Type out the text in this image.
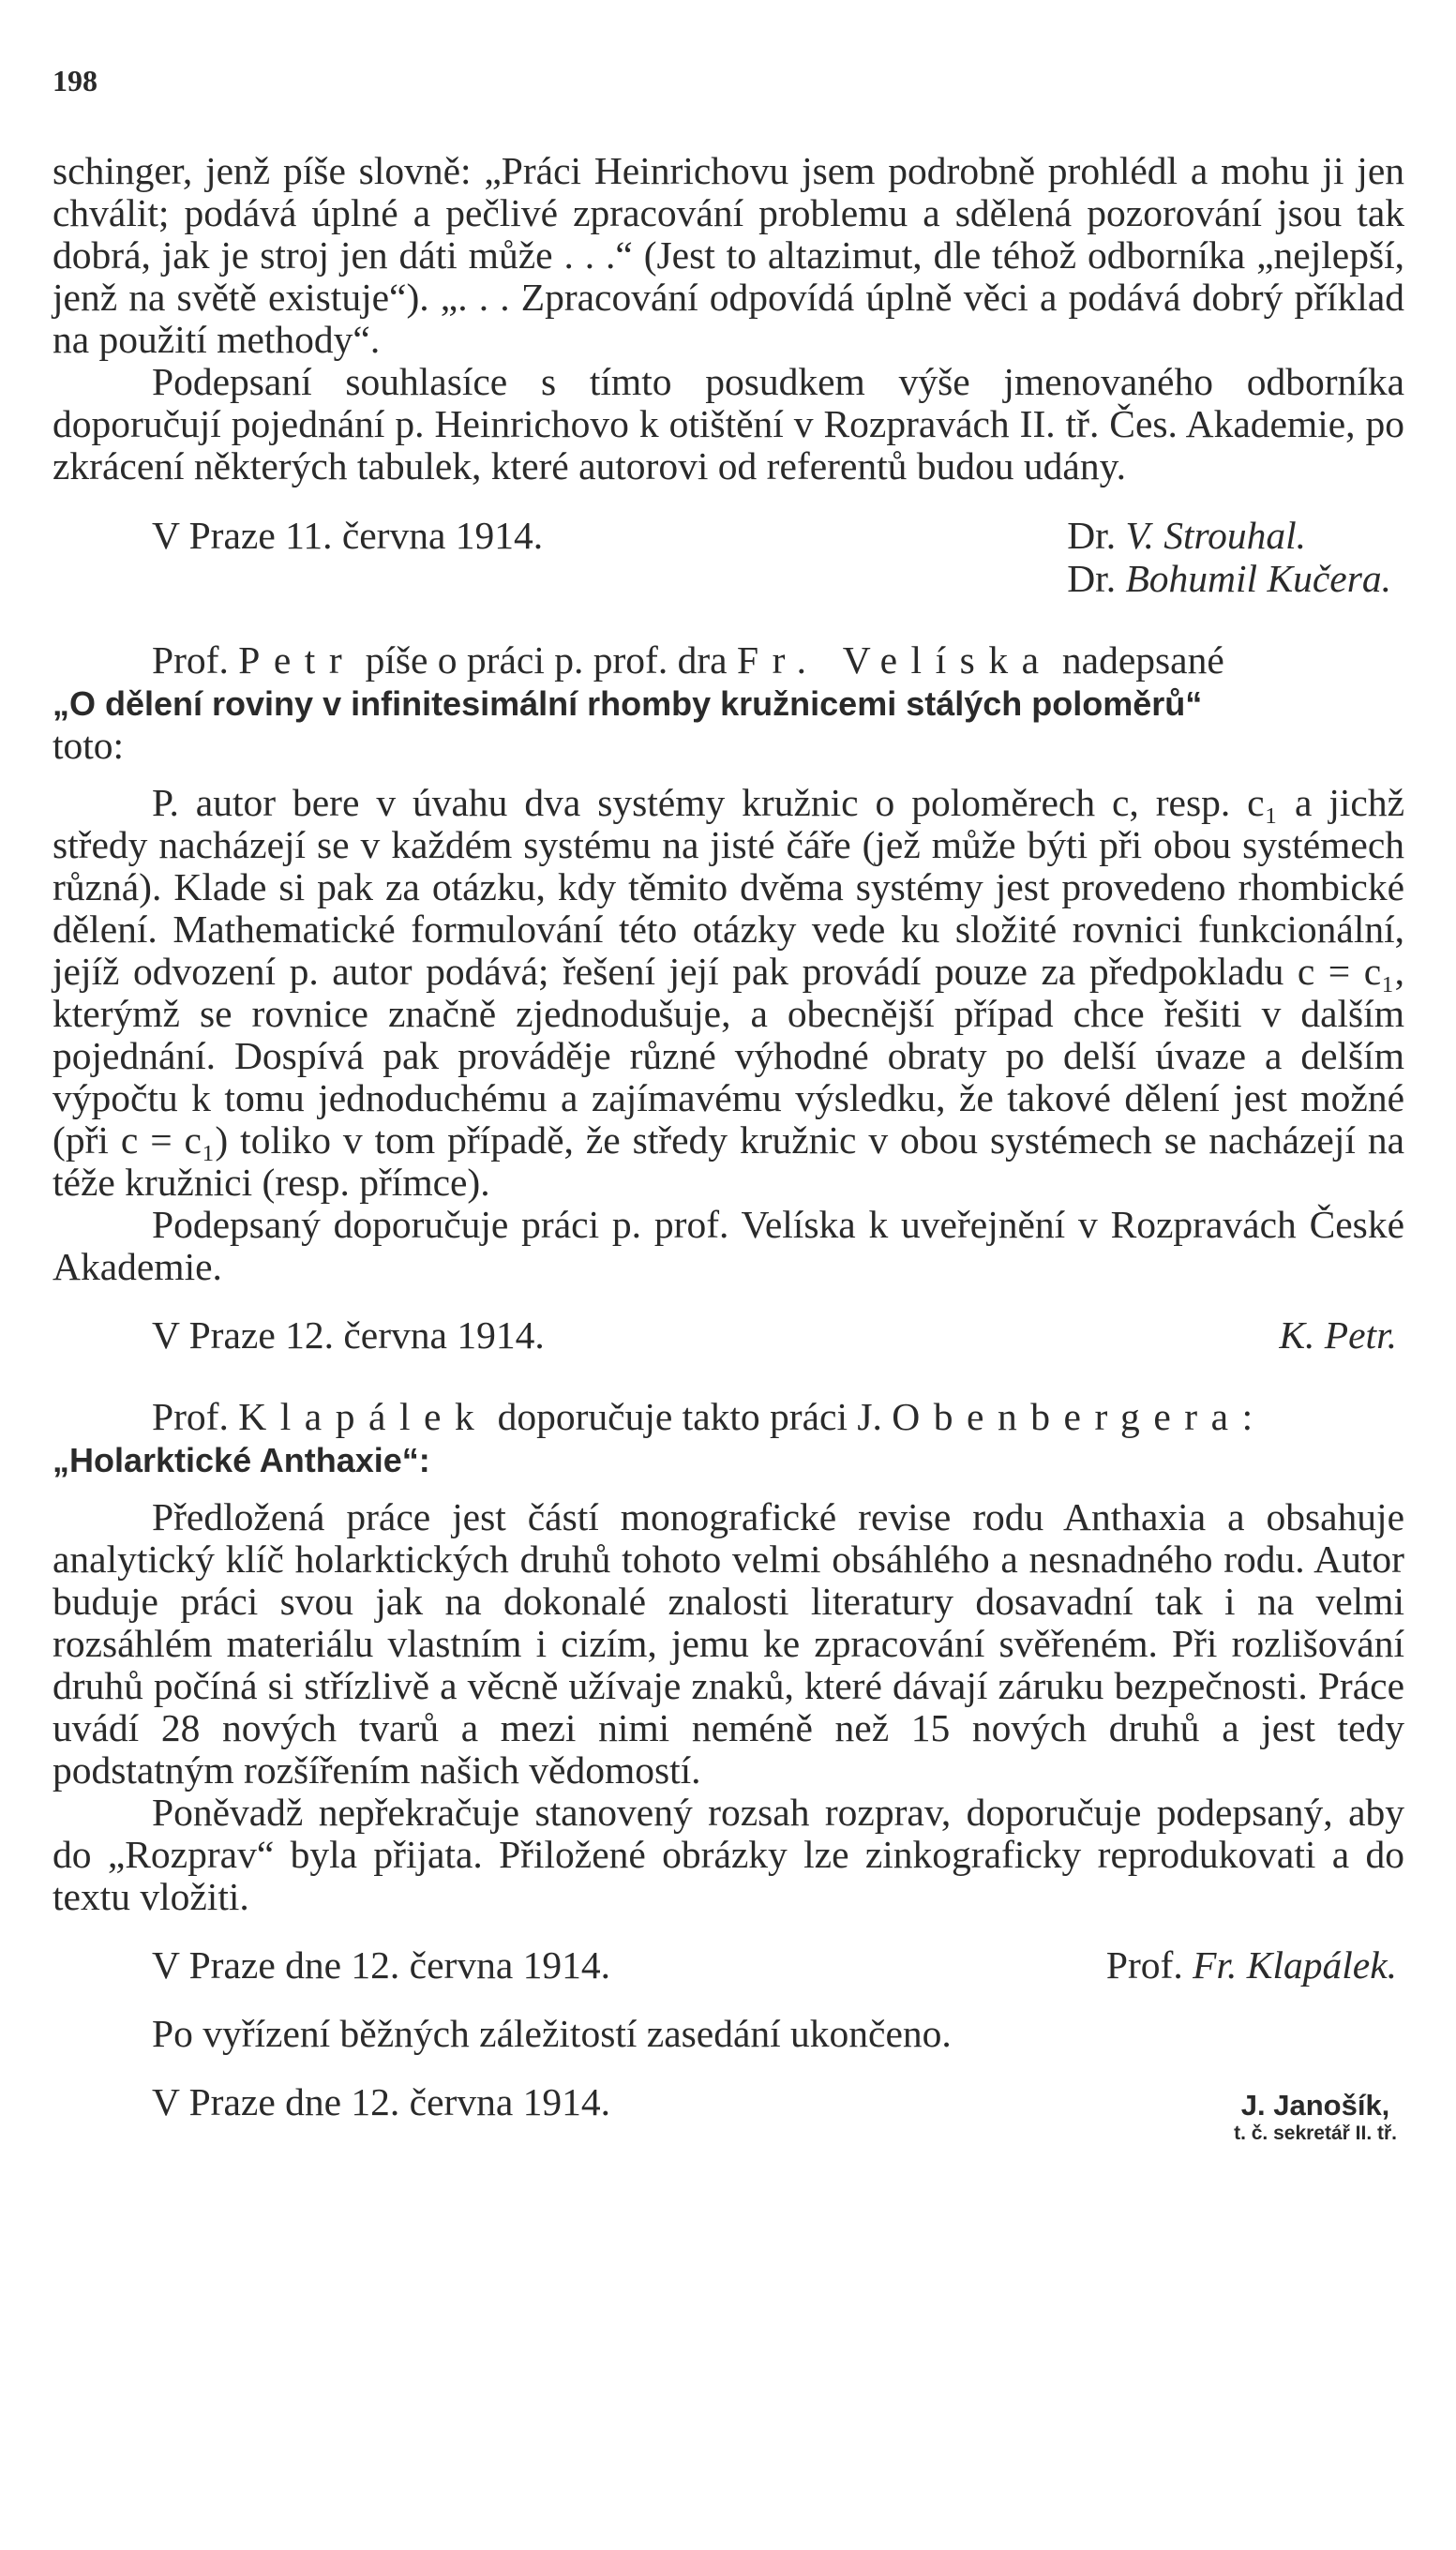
198

schinger, jenž píše slovně: „Práci Heinrichovu jsem podrobně prohlédl a mohu ji jen chválit; podává úplné a pečlivé zpracování problemu a sdělená pozorování jsou tak dobrá, jak je stroj jen dáti může . . .“ (Jest to altazimut, dle téhož odborníka „nejlepší, jenž na světě existuje“). „. . . Zpracování odpovídá úplně věci a podává dobrý příklad na použití methody“.

Podepsaní souhlasíce s tímto posudkem výše jmenovaného odborníka doporučují pojednání p. Heinrichovo k otištění v Rozpravách II. tř. Čes. Akademie, po zkrácení některých tabulek, které autorovi od referentů budou udány.

V Praze 11. června 1914.	Dr. V. Strouhal.
Dr. Bohumil Kučera.

Prof. Petr píše o práci p. prof. dra Fr. Velíska nadepsané

„O dělení roviny v infinitesimální rhomby kružnicemi stálých poloměrů“

toto:

P. autor bere v úvahu dva systémy kružnic o poloměrech c, resp. c₁ a jichž středy nacházejí se v každém systému na jisté čáře (jež může býti při obou systémech různá). Klade si pak za otázku, kdy těmito dvěma systémy jest provedeno rhombické dělení. Mathematické formulování této otázky vede ku složité rovnici funkcionální, jejíž odvození p. autor podává; řešení její pak provádí pouze za předpokladu c = c₁, kterýmž se rovnice značně zjednodušuje, a obecnější případ chce řešiti v dalším pojednání. Dospívá pak prováděje různé výhodné obraty po delší úvaze a delším výpočtu k tomu jednoduchému a zajímavému výsledku, že takové dělení jest možné (při c = c₁) toliko v tom případě, že středy kružnic v obou systémech se nacházejí na téže kružnici (resp. přímce).

Podepsaný doporučuje práci p. prof. Velíska k uveřejnění v Rozpravách České Akademie.

V Praze 12. června 1914.	K. Petr.

Prof. Klapálek doporučuje takto práci J. Obenbergera:

„Holarktické Anthaxie“:

Předložená práce jest částí monografické revise rodu Anthaxia a obsahuje analytický klíč holarktických druhů tohoto velmi obsáhlého a nesnadného rodu. Autor buduje práci svou jak na dokonalé znalosti literatury dosavadní tak i na velmi rozsáhlém materiálu vlastním i cizím, jemu ke zpracování svěřeném. Při rozlišování druhů počíná si střízlivě a věcně užívaje znaků, které dávají záruku bezpečnosti. Práce uvádí 28 nových tvarů a mezi nimi neméně než 15 nových druhů a jest tedy podstatným rozšířením našich vědomostí.

Poněvadž nepřekračuje stanovený rozsah rozprav, doporučuje podepsaný, aby do „Rozprav“ byla přijata. Přiložené obrázky lze zinkograficky reprodukovati a do textu vložiti.

V Praze dne 12. června 1914.	Prof. Fr. Klapálek.

Po vyřízení běžných záležitostí zasedání ukončeno.

V Praze dne 12. června 1914.	J. Janošík,
t. č. sekretář II. tř.
